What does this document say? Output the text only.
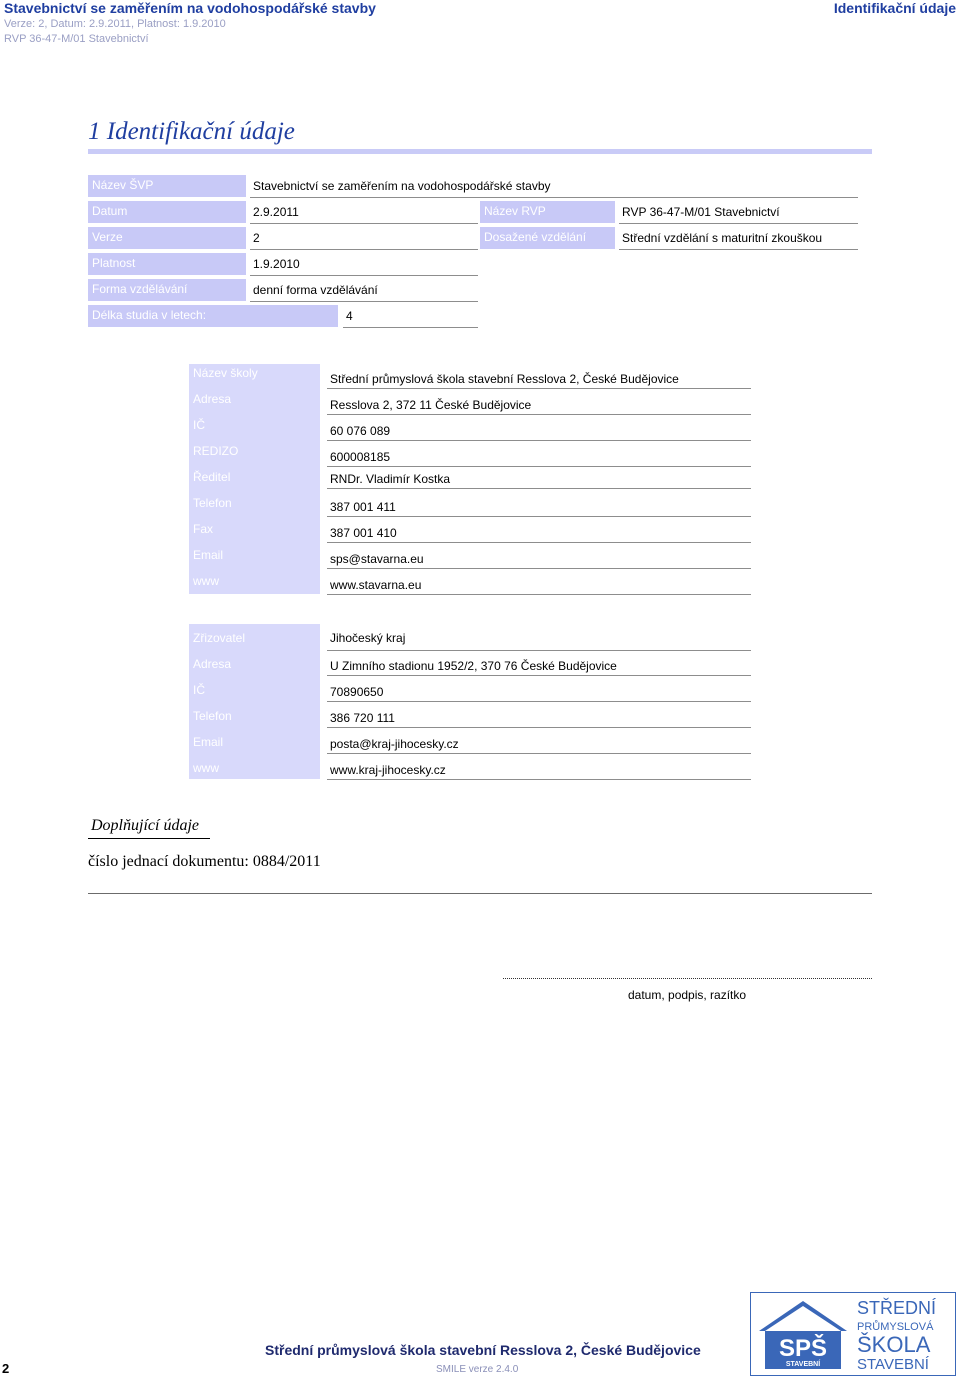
Stavebnictví se zaměřením na vodohospodářské stavby
Verze: 2, Datum: 2.9.2011, Platnost: 1.9.2010
RVP 36-47-M/01 Stavebnictví
Identifikační údaje
1 Identifikační údaje
Název ŠVP	Stavebnictví se zaměřením na vodohospodářské stavby
Datum	2.9.2011	Název RVP	RVP 36-47-M/01 Stavebnictví
Verze	2	Dosažené vzdělání	Střední vzdělání s maturitní zkouškou
Platnost	1.9.2010
Forma vzdělávání	denní forma vzdělávání
Délka studia v letech:	4
Název školy	Střední průmyslová škola stavební Resslova 2, České Budějovice
Adresa	Resslova 2, 372 11 České Budějovice
IČ	60 076 089
REDIZO	600008185
Ředitel	RNDr. Vladimír Kostka
Telefon	387 001 411
Fax	387 001 410
Email	sps@stavarna.eu
www	www.stavarna.eu
Zřizovatel	Jihočeský kraj
Adresa	U Zimního stadionu 1952/2, 370 76 České Budějovice
IČ	70890650
Telefon	386 720 111
Email	posta@kraj-jihocesky.cz
www	www.kraj-jihocesky.cz
Doplňující údaje
číslo jednací dokumentu: 0884/2011
datum, podpis, razítko
2
Střední průmyslová škola stavební Resslova 2, České Budějovice
SMILE verze 2.4.0
SPŠ
STAVEBNÍ
STŘEDNÍ
PRŮMYSLOVÁ
ŠKOLA
STAVEBNÍ
